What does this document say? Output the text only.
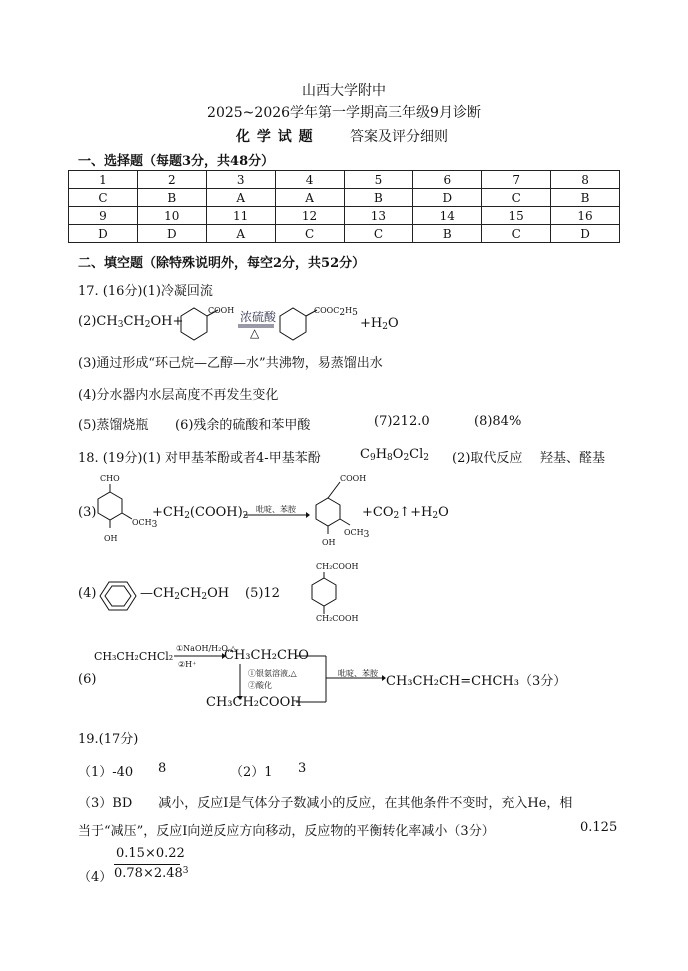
山西大学附中
2025~2026学年第一学期高三年级9月诊断
化 学 试 题	答案及评分细则
一、选择题（每题3分，共48分）
1	2	3	4	5	6	7	8
C	B	A	A	B	D	C	B
9	10	11	12	13	14	15	16
D	D	A	C	C	B	C	D
二、填空题（除特殊说明外，每空2分，共52分）
17. (16分)(1)冷凝回流
$(2)CH_3CH_2OH+$
COOH 浓硫酸
△
$COOC_2H_5$
$+H_2O$
(3)通过形成“环己烷—乙醇—水”共沸物，易蒸馏出水
(4)分水器内水层高度不再发生变化
(5)蒸馏烧瓶 (6)残余的硫酸和苯甲酸	(7)212.0	(8)84%
18. (19分)(1) 对甲基苯酚或者4-甲基苯酚	$C_9H_8O_2Cl_2$ (2)取代反应 羟基、醛基
(3)
CHO
$OCH_3$
OH
$+CH_2(COOH)_2$
吡啶、苯胺
COOH
$OCH_3$
OH
$+CO_2↑+H_2O$
(4)	$—CH_2CH_2OH$ (5)12
CH₂COOH
CH₂COOH
(6)
CH₃CH₂CHCl₂
①NaOH/H₂O,△
②H⁺
CH₃CH₂CHO
①银氨溶液,△
②酸化
CH₃CH₂COOH
吡啶、苯胺
CH₃CH₂CH=CHCH₃（3分）
19.(17分)
（1）-40 8	（2）1 3
（3）BD　　减小，反应Ⅰ是气体分子数减小的反应，在其他条件不变时，充入He，相
当于“减压”，反应Ⅰ向逆反应方向移动，反应物的平衡转化率减小（3分）	0.125
（4）
0.15×0.22
$0.78\times 2.48^3$
